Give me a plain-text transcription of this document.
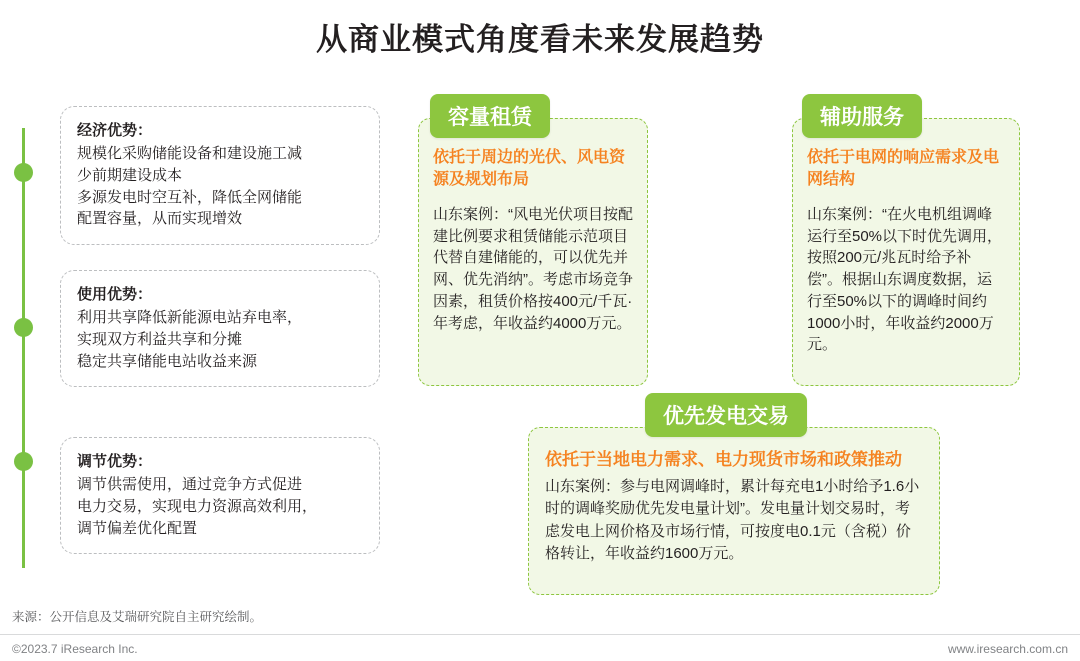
从商业模式角度看未来发展趋势
经济优势：

规模化采购储能设备和建设施工减

少前期建设成本

多源发电时空互补，降低全网储能

配置容量，从而实现增效

使用优势：

利用共享降低新能源电站弃电率，

实现双方利益共享和分摊

稳定共享储能电站收益来源

调节优势：

调节供需使用，通过竞争方式促进

电力交易，实现电力资源高效利用，

调节偏差优化配置

依托于周边的光伏、风电资源及规划布局

山东案例：“风电光伏项目按配建比例要求租赁储能示范项目代替自建储能的，可以优先并网、优先消纳”。考虑市场竞争因素，租赁价格按400元/千瓦·年考虑，年收益约4000万元。

容量租赁

依托于电网的响应需求及电网结构

山东案例：“在火电机组调峰运行至50%以下时优先调用，按照200元/兆瓦时给予补偿”。根据山东调度数据，运行至50%以下的调峰时间约1000小时，年收益约2000万元。

辅助服务

依托于当地电力需求、电力现货市场和政策推动

山东案例：参与电网调峰时，累计每充电1小时给予1.6小时的调峰奖励优先发电量计划”。发电量计划交易时，考虑发电上网价格及市场行情，可按度电0.1元（含税）价格转让，年收益约1600万元。

优先发电交易
来源：公开信息及艾瑞研究院自主研究绘制。
©2023.7 iResearch Inc.	www.iresearch.com.cn
